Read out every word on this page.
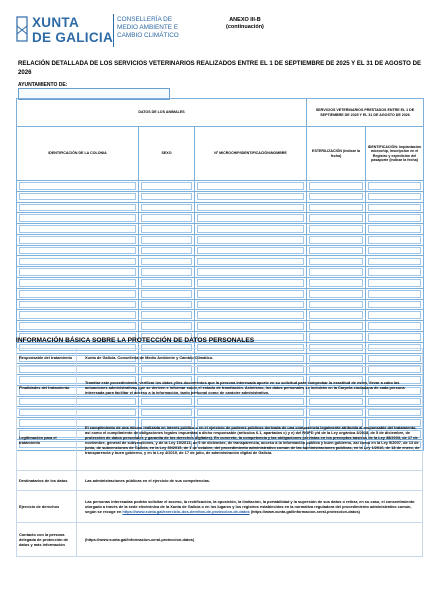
XUNTA
DE GALICIA
CONSELLERÍA DE
MEDIO AMBIENTE E
CAMBIO CLIMÁTICO
ANEXO III-B
(continuación)
RELACIÓN DETALLADA DE LOS SERVICIOS VETERINARIOS REALIZADOS ENTRE EL 1 DE SEPTIEMBRE DE 2025 Y EL 31 DE AGOSTO DE 2026
AYUNTAMIENTO DE:
DATOS DE LOS ANIMALES			SERVICIOS VETERINARIOS PRESTADOS ENTRE EL 1 DE SEPTIEMBRE DE 2025 Y EL 31 DE AGOSTO DE 2026	
IDENTIFICACIÓN DE LA COLONIA	SEXO	Nº MICROCHIP/IDENTIFICACIÓN/NOMBRE	ESTERILIZACIÓN (indicar la fecha)	IDENTIFICACIÓN: Implantación microchip, inscripción en el Registro y expedición del pasaporte (indicar la fecha)

INFORMACIÓN BÁSICA SOBRE LA PROTECCIÓN DE DATOS PERSONALES
Responsable del tratamiento	Xunta de Galicia. Consellería de Medio Ambiente y Cambio Climático.
Finalidades del tratamiento	Tramitar este procedimiento, verificar los datos y/los documentos que la persona interesada aporte en su solicitud para comprobar la exactitud de estos, llevar a cabo las actuaciones administrativas que se deriven e informar sobre el estado de tramitación. Asimismo, los datos personales se incluirán en la Carpeta ciudadana de cada persona interesada para facilitar el acceso a la información, tanto personal como de carácter administrativo.
Legitimación para el tratamiento	El cumplimiento de una misión realizada en interés público o en el ejercicio de poderes públicos derivada de una competencia legalmente atribuida al responsable del tratamiento, así como el cumplimiento de obligaciones legales impuestas a dicho responsable (artículos 6.1, apartados c) y e) del RGPD y/d de la Ley orgánica 3/2018, de 5 de diciembre, de protección de datos personales y garantía de los derechos digitales). En concreto, la competencia y las obligaciones previstas en los preceptos básicos de la Ley 38/2003, de 17 de noviembre, general de subvenciones, y de la Ley 19/2013, de 9 de diciembre, de transparencia, acceso a la información pública y buen gobierno, así como en la Ley 9/2007, de 13 de junio, de subvenciones de Galicia, en la Ley 39/2015, de 1 de octubre, del procedimiento administrativo común de las administraciones públicas, en la Ley 1/2016, de 18 de enero, de transparencia y buen gobierno, y en la Ley 4/2019, de 17 de julio, de administración digital de Galicia.
Destinatarios de los datos	Las administraciones públicas en el ejercicio de sus competencias.
Ejercicio de derechos	Las personas interesadas podrán solicitar el acceso, la rectificación, la oposición, la limitación, la portabilidad y la supresión de sus datos o retirar, en su caso, el consentimiento otorgado a través de la sede electrónica de la Xunta de Galicia o en los lugares y los registros establecidos en la normativa reguladora del procedimiento administrativo común, según se recoge en https://www.xunta.gal/exercicio-dos-dereitos-de-proteccion-de-datos (https://www.xunta.gal/informacion-xeral-proteccion-datos)
Contacto con la persona delegada de protección de datos y más información	(https://www.xunta.gal/informacion-xeral-proteccion-datos)
